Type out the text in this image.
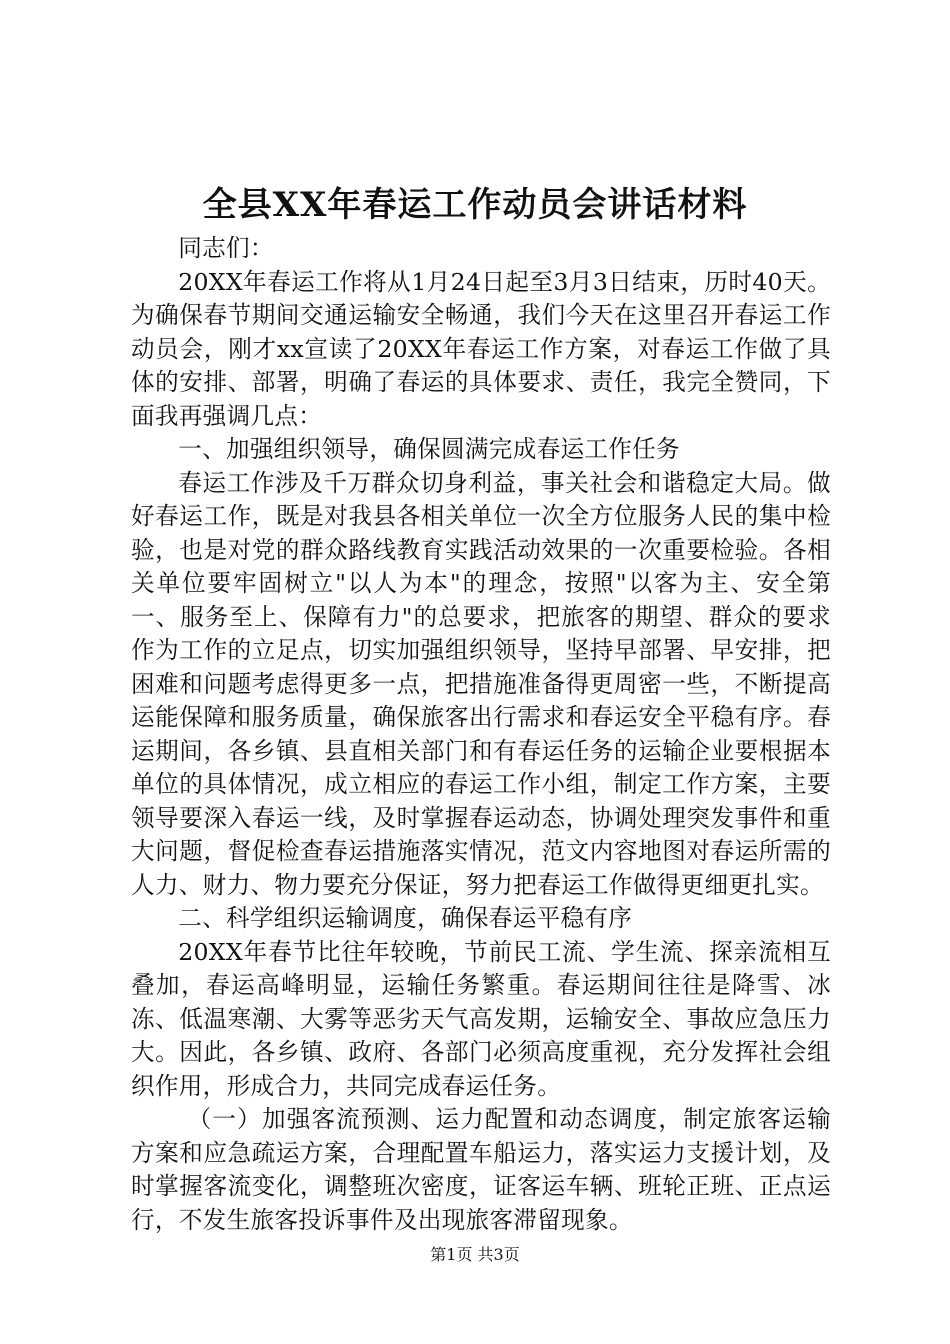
全县XX年春运工作动员会讲话材料

同志们：

20XX年春运工作将从1月24日起至3月3日结束，历时40天。为确保春节期间交通运输安全畅通，我们今天在这里召开春运工作动员会，刚才xx宣读了20XX年春运工作方案，对春运工作做了具体的安排、部署，明确了春运的具体要求、责任，我完全赞同，下面我再强调几点：

一、加强组织领导，确保圆满完成春运工作任务

春运工作涉及千万群众切身利益，事关社会和谐稳定大局。做好春运工作，既是对我县各相关单位一次全方位服务人民的集中检验，也是对党的群众路线教育实践活动效果的一次重要检验。各相关单位要牢固树立"以人为本"的理念，按照"以客为主、安全第一、服务至上、保障有力"的总要求，把旅客的期望、群众的要求作为工作的立足点，切实加强组织领导，坚持早部署、早安排，把困难和问题考虑得更多一点，把措施准备得更周密一些，不断提高运能保障和服务质量，确保旅客出行需求和春运安全平稳有序。春运期间，各乡镇、县直相关部门和有春运任务的运输企业要根据本单位的具体情况，成立相应的春运工作小组，制定工作方案，主要领导要深入春运一线，及时掌握春运动态，协调处理突发事件和重大问题，督促检查春运措施落实情况，范文内容地图对春运所需的人力、财力、物力要充分保证，努力把春运工作做得更细更扎实。

二、科学组织运输调度，确保春运平稳有序

20XX年春节比往年较晚，节前民工流、学生流、探亲流相互叠加，春运高峰明显，运输任务繁重。春运期间往往是降雪、冰冻、低温寒潮、大雾等恶劣天气高发期，运输安全、事故应急压力大。因此，各乡镇、政府、各部门必须高度重视，充分发挥社会组织作用，形成合力，共同完成春运任务。

（一）加强客流预测、运力配置和动态调度，制定旅客运输方案和应急疏运方案，合理配置车船运力，落实运力支援计划，及时掌握客流变化，调整班次密度，证客运车辆、班轮正班、正点运行，不发生旅客投诉事件及出现旅客滞留现象。

第1页 共3页
